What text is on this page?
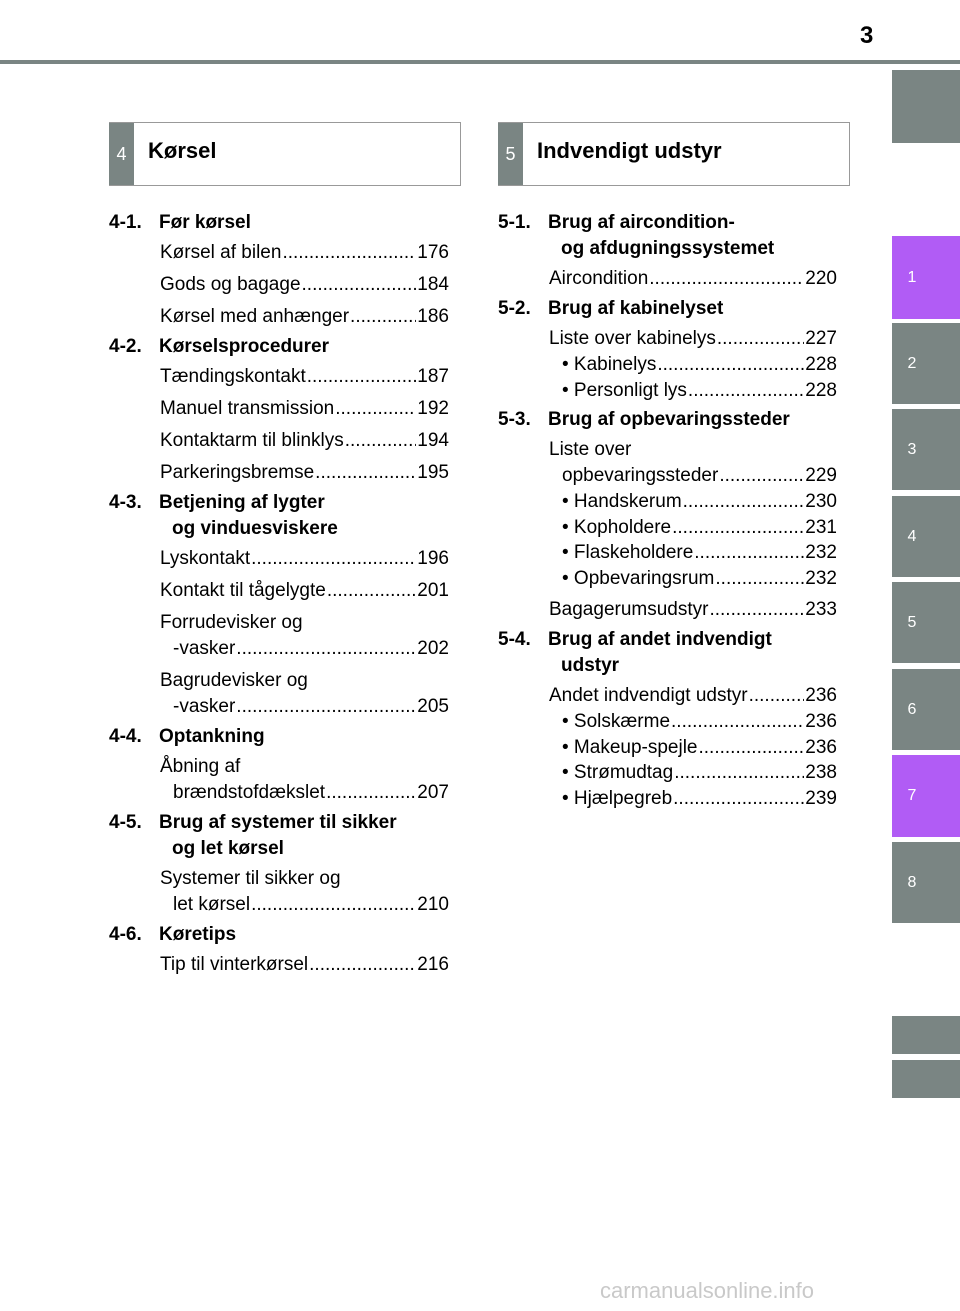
3
1
2
3
4
5
6
7
8
4 Kørsel	5 Indvendigt udstyr
4-1. Før kørsel
Kørsel af bilen .....	176
Gods og bagage .....	184
Kørsel med anhænger .....	186
4-2. Kørselsprocedurer
Tændingskontakt .....	187
Manuel transmission .....	192
Kontaktarm til blinklys .....	194
Parkeringsbremse .....	195
4-3. Betjening af lygter
og vinduesviskere
Lyskontakt .....	196
Kontakt til tågelygte .....	201
Forrudevisker og
-vasker .....	202
Bagrudevisker og
-vasker .....	205
4-4. Optankning
Åbning af
brændstofdækslet .....	207
4-5. Brug af systemer til sikker
og let kørsel
Systemer til sikker og
let kørsel .....	210
4-6. Køretips
Tip til vinterkørsel .....	216
5-1. Brug af aircondition-
og afdugningssystemet
Aircondition .....	220
5-2. Brug af kabinelyset
Liste over kabinelys .....	227
• Kabinelys .....	228
• Personligt lys .....	228
5-3. Brug af opbevaringssteder
Liste over
opbevaringssteder .....	229
• Handskerum .....	230
• Kopholdere .....	231
• Flaskeholdere .....	232
• Opbevaringsrum .....	232
Bagagerumsudstyr .....	233
5-4. Brug af andet indvendigt
udstyr
Andet indvendigt udstyr .....	236
• Solskærme .....	236
• Makeup-spejle .....	236
• Strømudtag .....	238
• Hjælpegreb .....	239
carmanualsonline.info
